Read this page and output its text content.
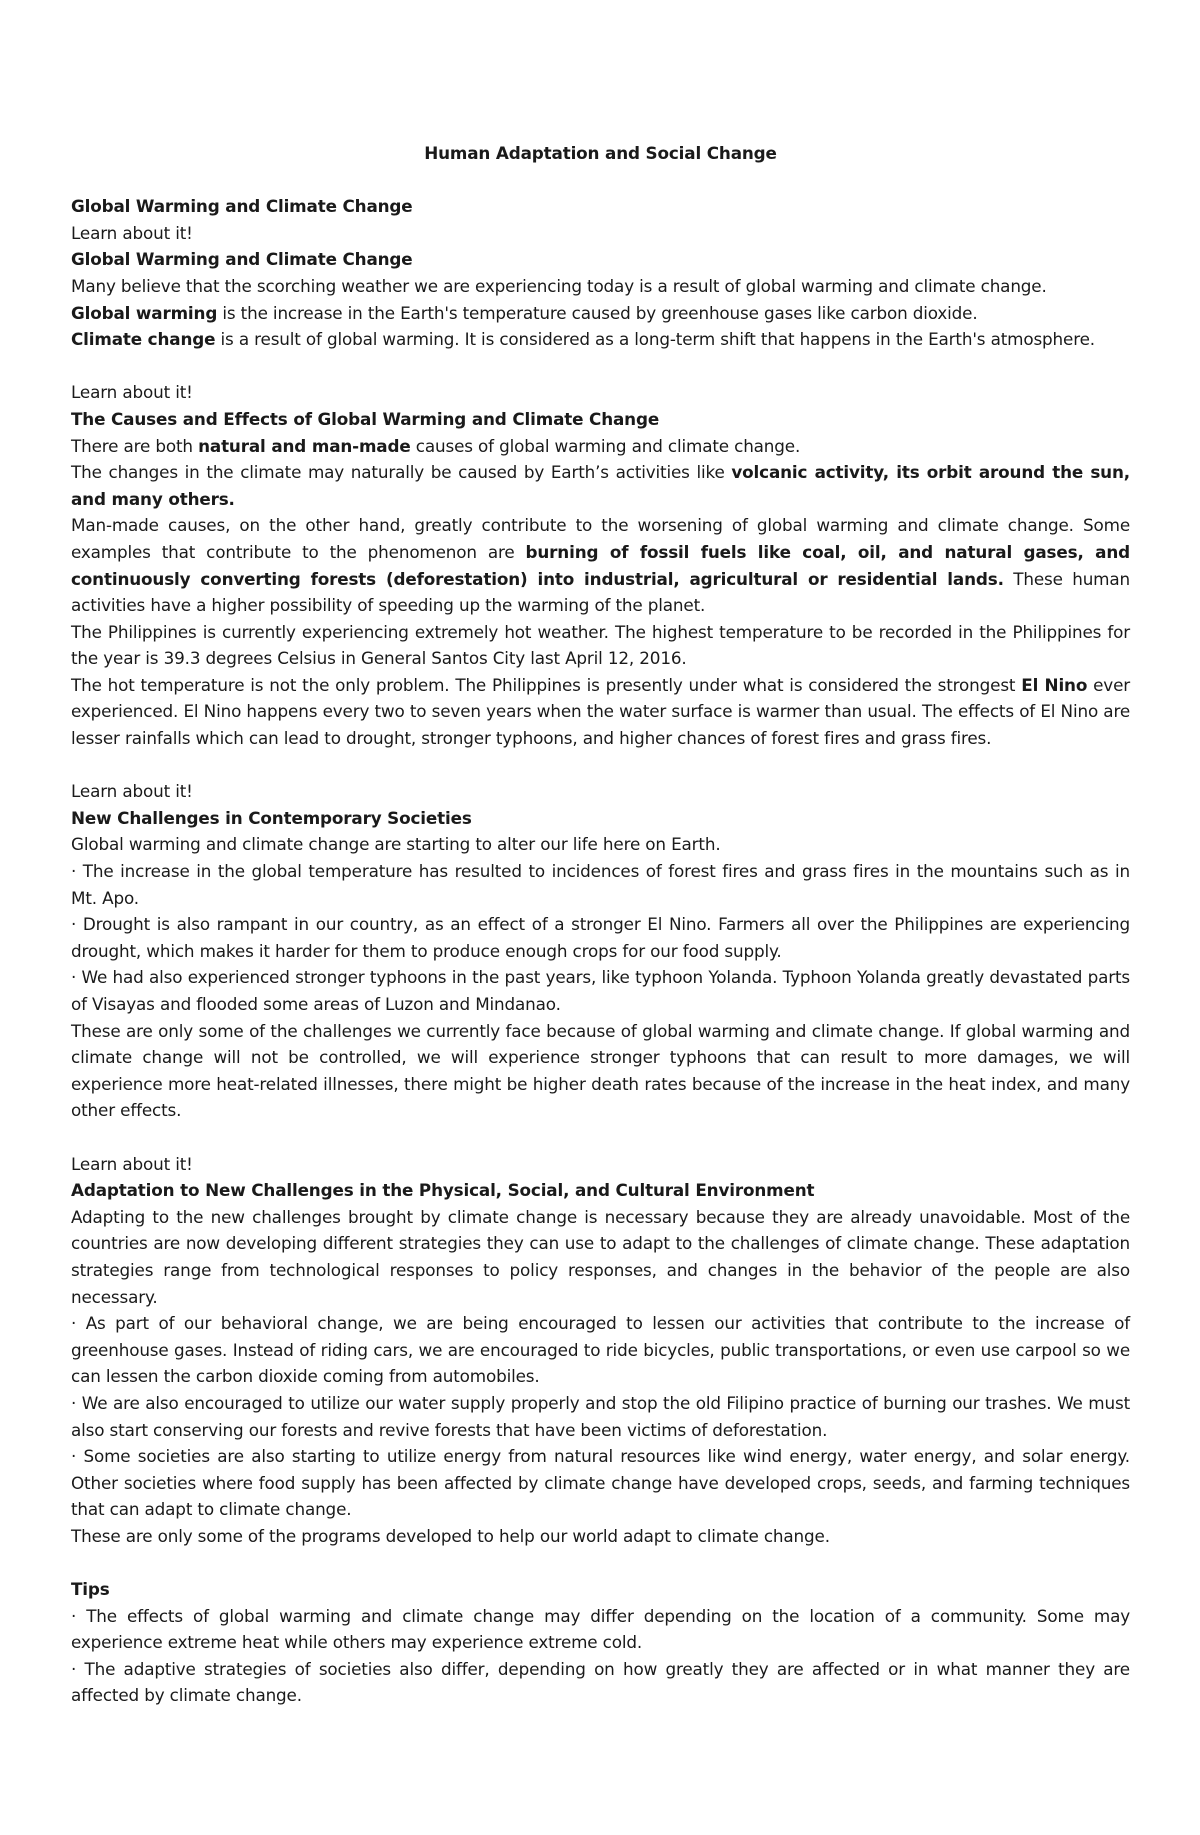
Human Adaptation and Social Change

Global Warming and Climate Change

Learn about it!

Global Warming and Climate Change

Many believe that the scorching weather we are experiencing today is a result of global warming and climate change.

Global warming is the increase in the Earth's temperature caused by greenhouse gases like carbon dioxide.

Climate change is a result of global warming. It is considered as a long-term shift that happens in the Earth's atmosphere.

Learn about it!

The Causes and Effects of Global Warming and Climate Change

There are both natural and man-made causes of global warming and climate change.

The changes in the climate may naturally be caused by Earth’s activities like volcanic activity, its orbit around the sun, and many others.

Man-made causes, on the other hand, greatly contribute to the worsening of global warming and climate change. Some examples that contribute to the phenomenon are burning of fossil fuels like coal, oil, and natural gases, and continuously converting forests (deforestation) into industrial, agricultural or residential lands. These human activities have a higher possibility of speeding up the warming of the planet.

The Philippines is currently experiencing extremely hot weather. The highest temperature to be recorded in the Philippines for the year is 39.3 degrees Celsius in General Santos City last April 12, 2016.

The hot temperature is not the only problem. The Philippines is presently under what is considered the strongest El Nino ever experienced. El Nino happens every two to seven years when the water surface is warmer than usual. The effects of El Nino are lesser rainfalls which can lead to drought, stronger typhoons, and higher chances of forest fires and grass fires.

Learn about it!

New Challenges in Contemporary Societies

Global warming and climate change are starting to alter our life here on Earth.

· The increase in the global temperature has resulted to incidences of forest fires and grass fires in the mountains such as in Mt. Apo.

· Drought is also rampant in our country, as an effect of a stronger El Nino. Farmers all over the Philippines are experiencing drought, which makes it harder for them to produce enough crops for our food supply.

· We had also experienced stronger typhoons in the past years, like typhoon Yolanda. Typhoon Yolanda greatly devastated parts of Visayas and flooded some areas of Luzon and Mindanao.

These are only some of the challenges we currently face because of global warming and climate change. If global warming and climate change will not be controlled, we will experience stronger typhoons that can result to more damages, we will experience more heat-related illnesses, there might be higher death rates because of the increase in the heat index, and many other effects.

Learn about it!

Adaptation to New Challenges in the Physical, Social, and Cultural Environment

Adapting to the new challenges brought by climate change is necessary because they are already unavoidable. Most of the countries are now developing different strategies they can use to adapt to the challenges of climate change. These adaptation strategies range from technological responses to policy responses, and changes in the behavior of the people are also necessary.

· As part of our behavioral change, we are being encouraged to lessen our activities that contribute to the increase of greenhouse gases. Instead of riding cars, we are encouraged to ride bicycles, public transportations, or even use carpool so we can lessen the carbon dioxide coming from automobiles.

· We are also encouraged to utilize our water supply properly and stop the old Filipino practice of burning our trashes. We must also start conserving our forests and revive forests that have been victims of deforestation.

· Some societies are also starting to utilize energy from natural resources like wind energy, water energy, and solar energy. Other societies where food supply has been affected by climate change have developed crops, seeds, and farming techniques that can adapt to climate change.

These are only some of the programs developed to help our world adapt to climate change.

Tips

· The effects of global warming and climate change may differ depending on the location of a community. Some may experience extreme heat while others may experience extreme cold.

· The adaptive strategies of societies also differ, depending on how greatly they are affected or in what manner they are affected by climate change.
